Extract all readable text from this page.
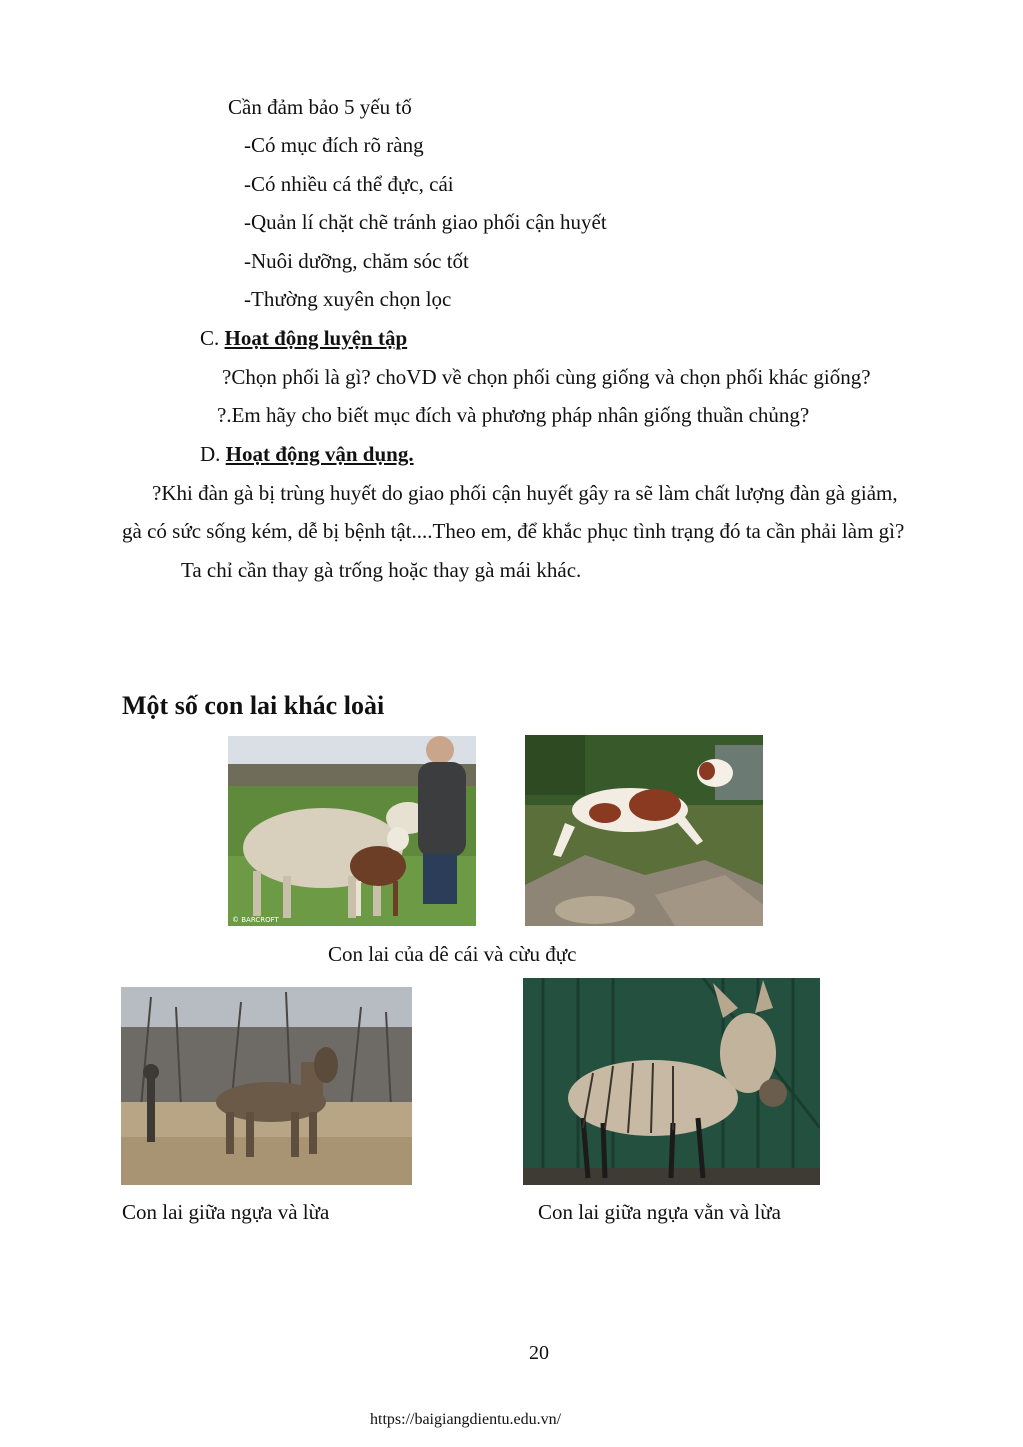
Cần đảm bảo 5 yếu tố
-Có mục đích rõ ràng
-Có nhiều cá thể đực, cái
-Quản lí chặt chẽ tránh giao phối cận huyết
-Nuôi dưỡng, chăm sóc tốt
-Thường xuyên chọn lọc
C. Hoạt động luyện tập
?Chọn phối là gì? choVD về chọn phối cùng giống và chọn phối khác giống?
?.Em hãy cho biết mục đích và phương pháp nhân giống thuần chủng?
D. Hoạt động vận dụng.
?Khi đàn gà bị trùng huyết do giao phối cận huyết gây ra sẽ làm chất lượng đàn gà giảm,
gà có sức sống kém, dễ bị bệnh tật....Theo em, để khắc phục tình trạng đó ta cần phải làm gì?
Ta chỉ cần thay gà trống hoặc thay gà mái khác.
Một số con lai khác loài
© BARCROFT
Con lai của dê cái và cừu đực
Con lai giữa ngựa và lừa	Con lai giữa ngựa vằn và lừa
20
https://baigiangdientu.edu.vn/
